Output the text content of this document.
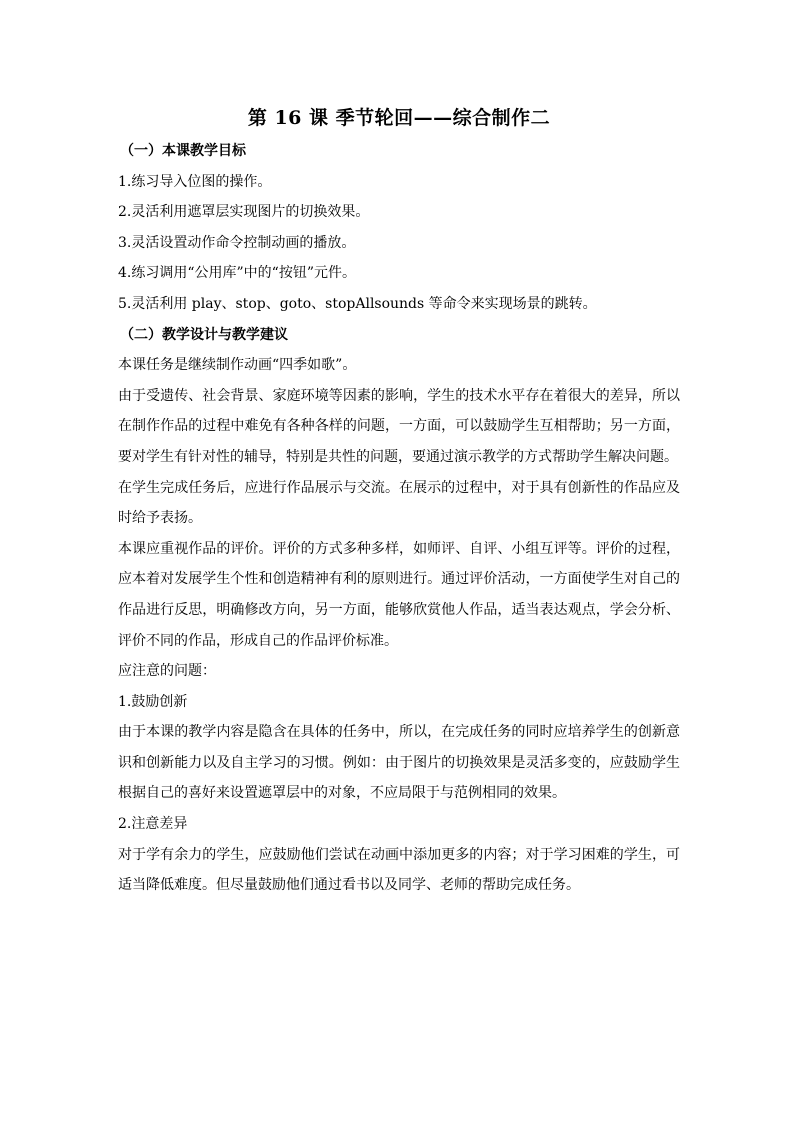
第 16 课 季节轮回——综合制作二

（一）本课教学目标

1.练习导入位图的操作。

2.灵活利用遮罩层实现图片的切换效果。

3.灵活设置动作命令控制动画的播放。

4.练习调用“公用库”中的“按钮”元件。

5.灵活利用 play、stop、goto、stopAllsounds 等命令来实现场景的跳转。

（二）教学设计与教学建议

本课任务是继续制作动画“四季如歌”。

由于受遗传、社会背景、家庭环境等因素的影响，学生的技术水平存在着很大的差异，所以在制作作品的过程中难免有各种各样的问题，一方面，可以鼓励学生互相帮助；另一方面，要对学生有针对性的辅导，特别是共性的问题，要通过演示教学的方式帮助学生解决问题。

在学生完成任务后，应进行作品展示与交流。在展示的过程中，对于具有创新性的作品应及时给予表扬。

本课应重视作品的评价。评价的方式多种多样，如师评、自评、小组互评等。评价的过程，应本着对发展学生个性和创造精神有利的原则进行。通过评价活动，一方面使学生对自己的作品进行反思，明确修改方向，另一方面，能够欣赏他人作品，适当表达观点，学会分析、评价不同的作品，形成自己的作品评价标准。

应注意的问题：

1.鼓励创新

由于本课的教学内容是隐含在具体的任务中，所以，在完成任务的同时应培养学生的创新意识和创新能力以及自主学习的习惯。例如：由于图片的切换效果是灵活多变的，应鼓励学生根据自己的喜好来设置遮罩层中的对象，不应局限于与范例相同的效果。

2.注意差异

对于学有余力的学生，应鼓励他们尝试在动画中添加更多的内容；对于学习困难的学生，可适当降低难度。但尽量鼓励他们通过看书以及同学、老师的帮助完成任务。
